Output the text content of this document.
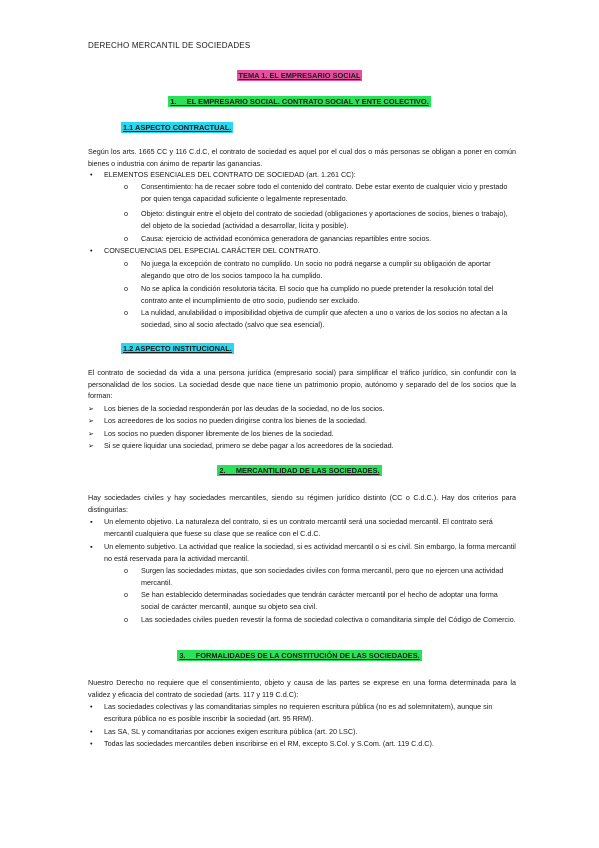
DERECHO MERCANTIL DE SOCIEDADES
TEMA 1. EL EMPRESARIO SOCIAL
1. EL EMPRESARIO SOCIAL. CONTRATO SOCIAL Y ENTE COLECTIVO.
1.1 ASPECTO CONTRACTUAL.
Según los arts. 1665 CC y 116 C.d.C, el contrato de sociedad es aquel por el cual dos o más personas se obligan a poner en común bienes o industria con ánimo de repartir las ganancias.
• ELEMENTOS ESENCIALES DEL CONTRATO DE SOCIEDAD (art. 1.261 CC):
o Consentimiento: ha de recaer sobre todo el contenido del contrato. Debe estar exento de cualquier vicio y prestado por quien tenga capacidad suficiente o legalmente representado.
o Objeto: distinguir entre el objeto del contrato de sociedad (obligaciones y aportaciones de socios, bienes o trabajo), del objeto de la sociedad (actividad a desarrollar, lícita y posible).
o Causa: ejercicio de actividad económica generadora de ganancias repartibles entre socios.
• CONSECUENCIAS DEL ESPECIAL CARÁCTER DEL CONTRATO.
o No juega la excepción de contrato no cumplido. Un socio no podrá negarse a cumplir su obligación de aportar alegando que otro de los socios tampoco la ha cumplido.
o No se aplica la condición resolutoria tácita. El socio que ha cumplido no puede pretender la resolución total del contrato ante el incumplimiento de otro socio, pudiendo ser excluido.
o La nulidad, anulabilidad o imposibilidad objetiva de cumplir que afecten a uno o varios de los socios no afectan a la sociedad, sino al socio afectado (salvo que sea esencial).
1.2 ASPECTO INSTITUCIONAL.
El contrato de sociedad da vida a una persona jurídica (empresario social) para simplificar el tráfico jurídico, sin confundir con la personalidad de los socios. La sociedad desde que nace tiene un patrimonio propio, autónomo y separado del de los socios que la forman:
➢ Los bienes de la sociedad responderán por las deudas de la sociedad, no de los socios.
➢ Los acreedores de los socios no pueden dirigirse contra los bienes de la sociedad.
➢ Los socios no pueden disponer libremente de los bienes de la sociedad.
➢ Si se quiere liquidar una sociedad, primero se debe pagar a los acreedores de la sociedad.
2. MERCANTILIDAD DE LAS SOCIEDADES.
Hay sociedades civiles y hay sociedades mercantiles, siendo su régimen jurídico distinto (CC o C.d.C.). Hay dos criterios para distinguirlas:
▪ Un elemento objetivo. La naturaleza del contrato, si es un contrato mercantil será una sociedad mercantil. El contrato será mercantil cualquiera que fuese su clase que se realice con el C.d.C.
▪ Un elemento subjetivo. La actividad que realice la sociedad, si es actividad mercantil o si es civil. Sin embargo, la forma mercantil no está reservada para la actividad mercantil.
o Surgen las sociedades mixtas, que son sociedades civiles con forma mercantil, pero que no ejercen una actividad mercantil.
o Se han establecido determinadas sociedades que tendrán carácter mercantil por el hecho de adoptar una forma social de carácter mercantil, aunque su objeto sea civil.
o Las sociedades civiles pueden revestir la forma de sociedad colectiva o comanditaria simple del Código de Comercio.
3. FORMALIDADES DE LA CONSTITUCIÓN DE LAS SOCIEDADES.
Nuestro Derecho no requiere que el consentimiento, objeto y causa de las partes se exprese en una forma determinada para la validez y eficacia del contrato de sociedad (arts. 117 y 119 C.d.C):
• Las sociedades colectivas y las comanditarias simples no requieren escritura pública (no es ad solemnitatem), aunque sin escritura pública no es posible inscribir la sociedad (art. 95 RRM).
• Las SA, SL y comanditarias por acciones exigen escritura pública (art. 20 LSC).
• Todas las sociedades mercantiles deben inscribirse en el RM, excepto S.Col. y S.Com. (art. 119 C.d.C).
